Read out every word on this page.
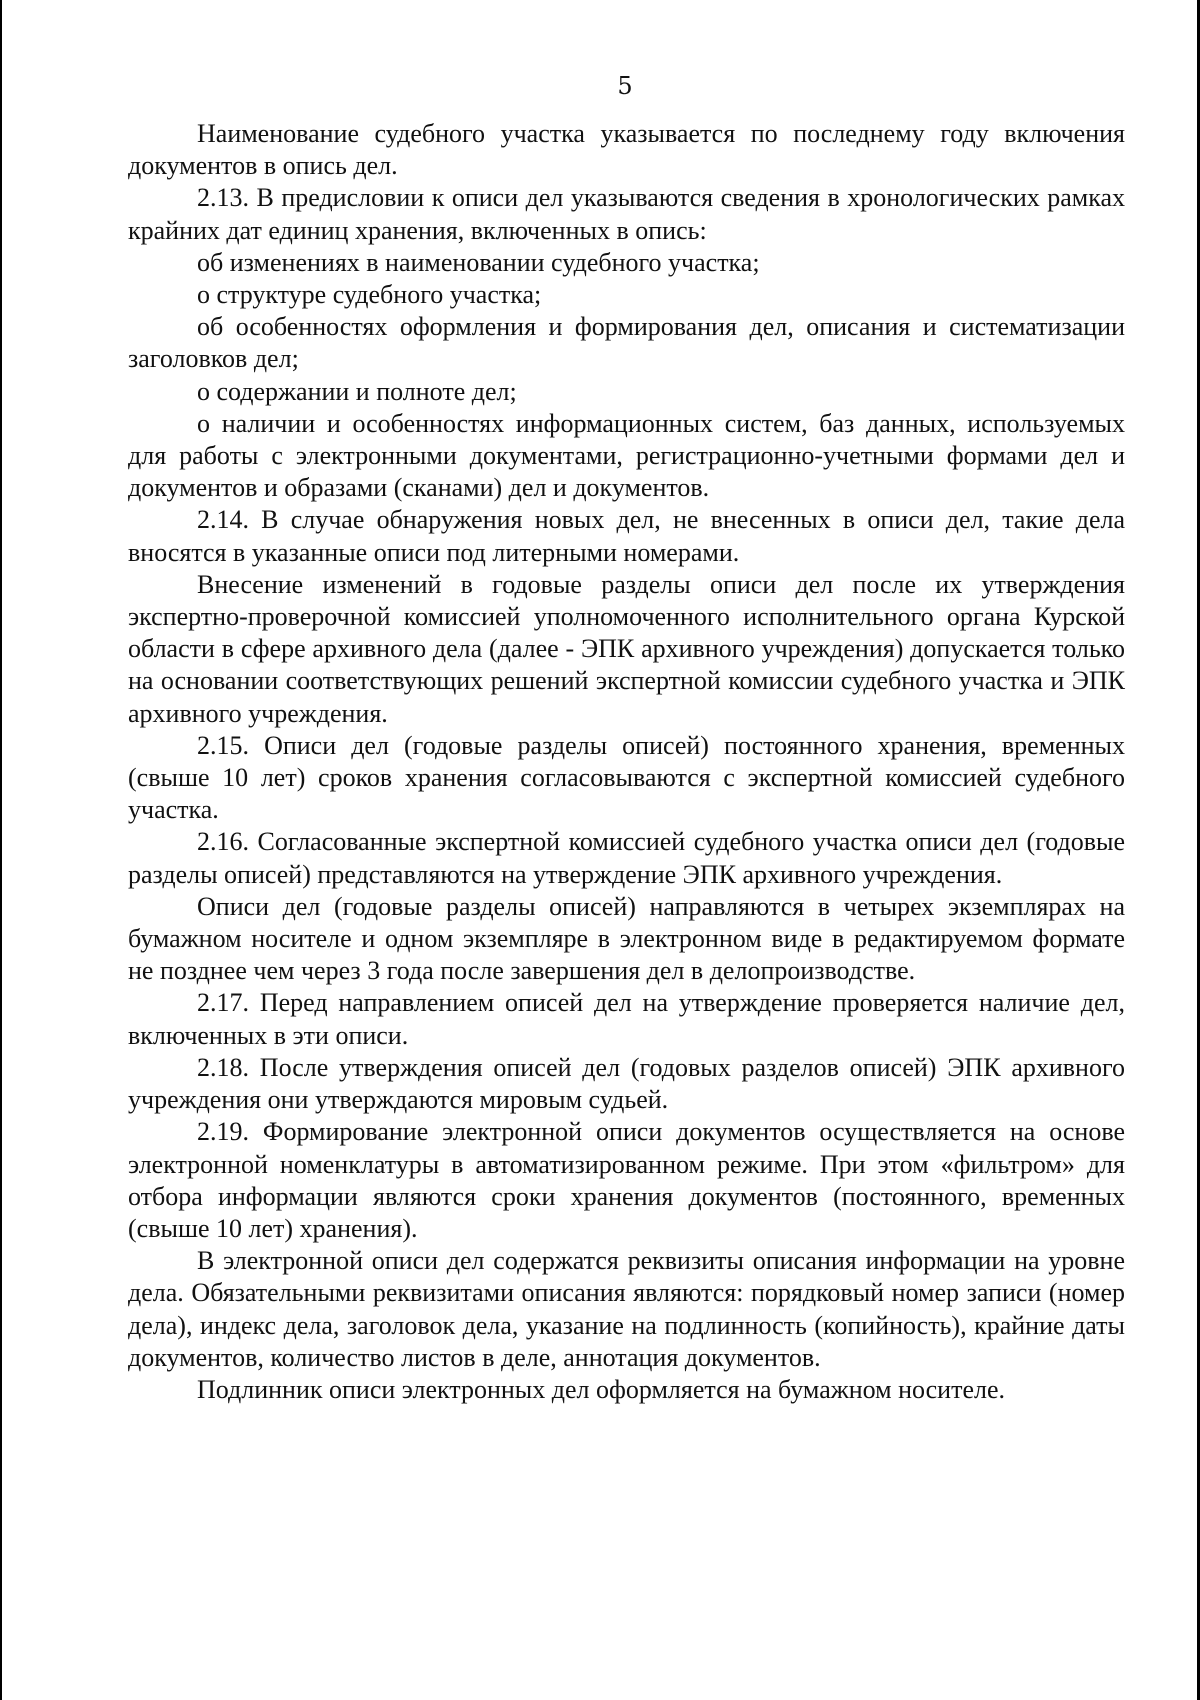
5

Наименование судебного участка указывается по последнему году включения документов в опись дел.

2.13. В предисловии к описи дел указываются сведения в хронологических рамках крайних дат единиц хранения, включенных в опись:

об изменениях в наименовании судебного участка;

о структуре судебного участка;

об особенностях оформления и формирования дел, описания и систематизации заголовков дел;

о содержании и полноте дел;

о наличии и особенностях информационных систем, баз данных, используемых для работы с электронными документами, регистрационно-учетными формами дел и документов и образами (сканами) дел и документов.

2.14. В случае обнаружения новых дел, не внесенных в описи дел, такие дела вносятся в указанные описи под литерными номерами.

Внесение изменений в годовые разделы описи дел после их утверждения экспертно-проверочной комиссией уполномоченного исполнительного органа Курской области в сфере архивного дела (далее - ЭПК архивного учреждения) допускается только на основании соответствующих решений экспертной комиссии судебного участка и ЭПК архивного учреждения.

2.15. Описи дел (годовые разделы описей) постоянного хранения, временных (свыше 10 лет) сроков хранения согласовываются с экспертной комиссией судебного участка.

2.16. Согласованные экспертной комиссией судебного участка описи дел (годовые разделы описей) представляются на утверждение ЭПК архивного учреждения.

Описи дел (годовые разделы описей) направляются в четырех экземплярах на бумажном носителе и одном экземпляре в электронном виде в редактируемом формате не позднее чем через 3 года после завершения дел в делопроизводстве.

2.17. Перед направлением описей дел на утверждение проверяется наличие дел, включенных в эти описи.

2.18. После утверждения описей дел (годовых разделов описей) ЭПК архивного учреждения они утверждаются мировым судьей.

2.19. Формирование электронной описи документов осуществляется на основе электронной номенклатуры в автоматизированном режиме. При этом «фильтром» для отбора информации являются сроки хранения документов (постоянного, временных (свыше 10 лет) хранения).

В электронной описи дел содержатся реквизиты описания информации на уровне дела. Обязательными реквизитами описания являются: порядковый номер записи (номер дела), индекс дела, заголовок дела, указание на подлинность (копийность), крайние даты документов, количество листов в деле, аннотация документов.

Подлинник описи электронных дел оформляется на бумажном носителе.
